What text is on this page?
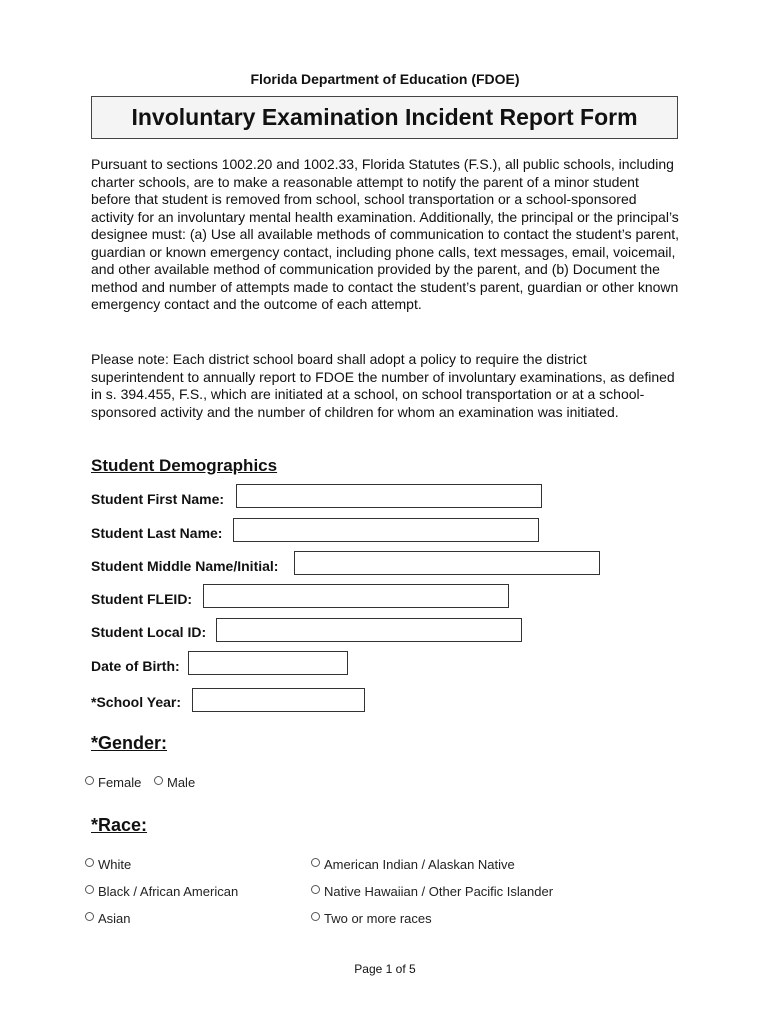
Florida Department of Education (FDOE)
Involuntary Examination Incident Report Form

Pursuant to sections 1002.20 and 1002.33, Florida Statutes (F.S.), all public schools, including charter schools, are to make a reasonable attempt to notify the parent of a minor student before that student is removed from school, school transportation or a school-sponsored activity for an involuntary mental health examination. Additionally, the principal or the principal’s designee must: (a) Use all available methods of communication to contact the student’s parent, guardian or known emergency contact, including phone calls, text messages, email, voicemail, and other available method of communication provided by the parent, and (b) Document the method and number of attempts made to contact the student’s parent, guardian or other known emergency contact and the outcome of each attempt.

Please note: Each district school board shall adopt a policy to require the district superintendent to annually report to FDOE the number of involuntary examinations, as defined in s. 394.455, F.S., which are initiated at a school, on school transportation or at a school-sponsored activity and the number of children for whom an examination was initiated.

Student Demographics
Student First Name:
Student Last Name:
Student Middle Name/Initial:
Student FLEID:
Student Local ID:
Date of Birth:
*School Year:
*Gender:
Female Male
*Race:
White	American Indian / Alaskan Native
Black / African American	Native Hawaiian / Other Pacific Islander
Asian	Two or more races
Page 1 of 5
